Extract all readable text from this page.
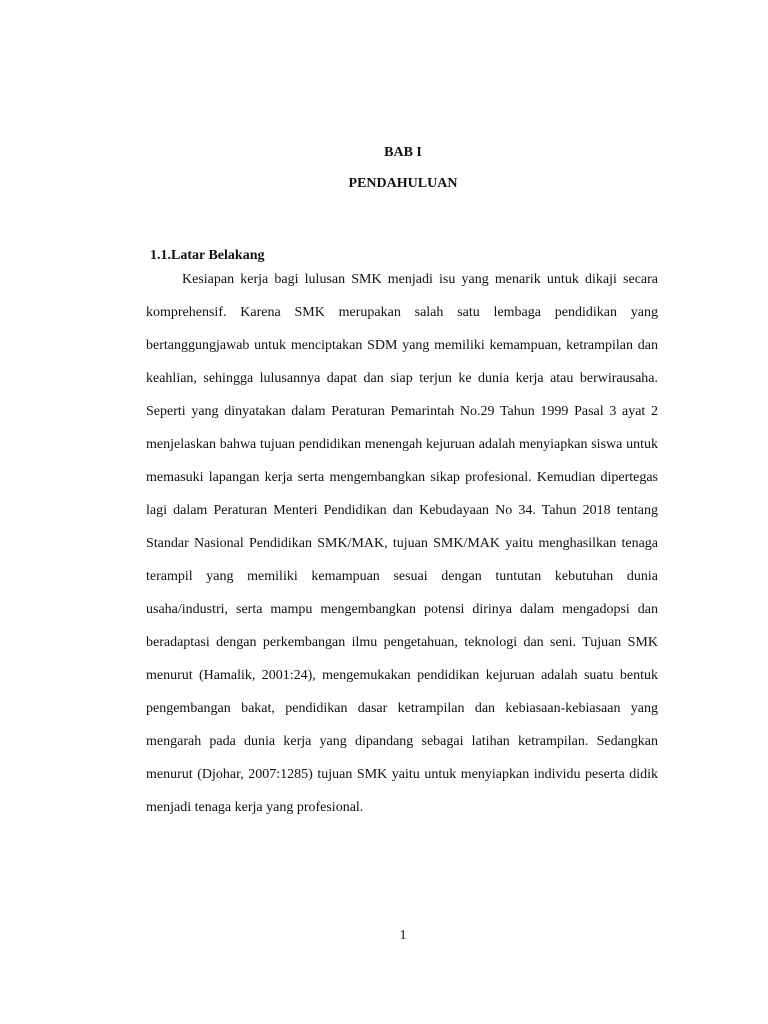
BAB I
PENDAHULUAN
1.1.Latar Belakang

Kesiapan kerja bagi lulusan SMK menjadi isu yang menarik untuk dikaji secara komprehensif. Karena SMK merupakan salah satu lembaga pendidikan yang bertanggungjawab untuk menciptakan SDM yang memiliki kemampuan, ketrampilan dan keahlian, sehingga lulusannya dapat dan siap terjun ke dunia kerja atau berwirausaha. Seperti yang dinyatakan dalam Peraturan Pemarintah No.29 Tahun 1999 Pasal 3 ayat 2 menjelaskan bahwa tujuan pendidikan menengah kejuruan adalah menyiapkan siswa untuk memasuki lapangan kerja serta mengembangkan sikap profesional. Kemudian dipertegas lagi dalam Peraturan Menteri Pendidikan dan Kebudayaan No 34. Tahun 2018 tentang Standar Nasional Pendidikan SMK/MAK, tujuan SMK/MAK yaitu menghasilkan tenaga terampil yang memiliki kemampuan sesuai dengan tuntutan kebutuhan dunia usaha/industri, serta mampu mengembangkan potensi dirinya dalam mengadopsi dan beradaptasi dengan perkembangan ilmu pengetahuan, teknologi dan seni. Tujuan SMK menurut (Hamalik, 2001:24), mengemukakan pendidikan kejuruan adalah suatu bentuk pengembangan bakat, pendidikan dasar ketrampilan dan kebiasaan-kebiasaan yang mengarah pada dunia kerja yang dipandang sebagai latihan ketrampilan. Sedangkan menurut (Djohar, 2007:1285) tujuan SMK yaitu untuk menyiapkan individu peserta didik menjadi tenaga kerja yang profesional.

1
